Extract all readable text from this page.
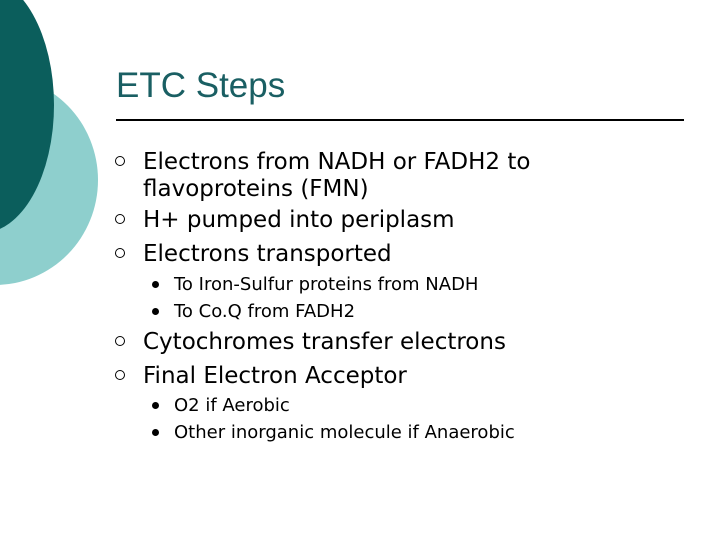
ETC Steps
Electrons from NADH or FADH2 to
flavoproteins (FMN)
H+ pumped into periplasm
Electrons transported
To Iron-Sulfur proteins from NADH
To Co.Q from FADH2
Cytochromes transfer electrons
Final Electron Acceptor
O2 if Aerobic
Other inorganic molecule if Anaerobic
